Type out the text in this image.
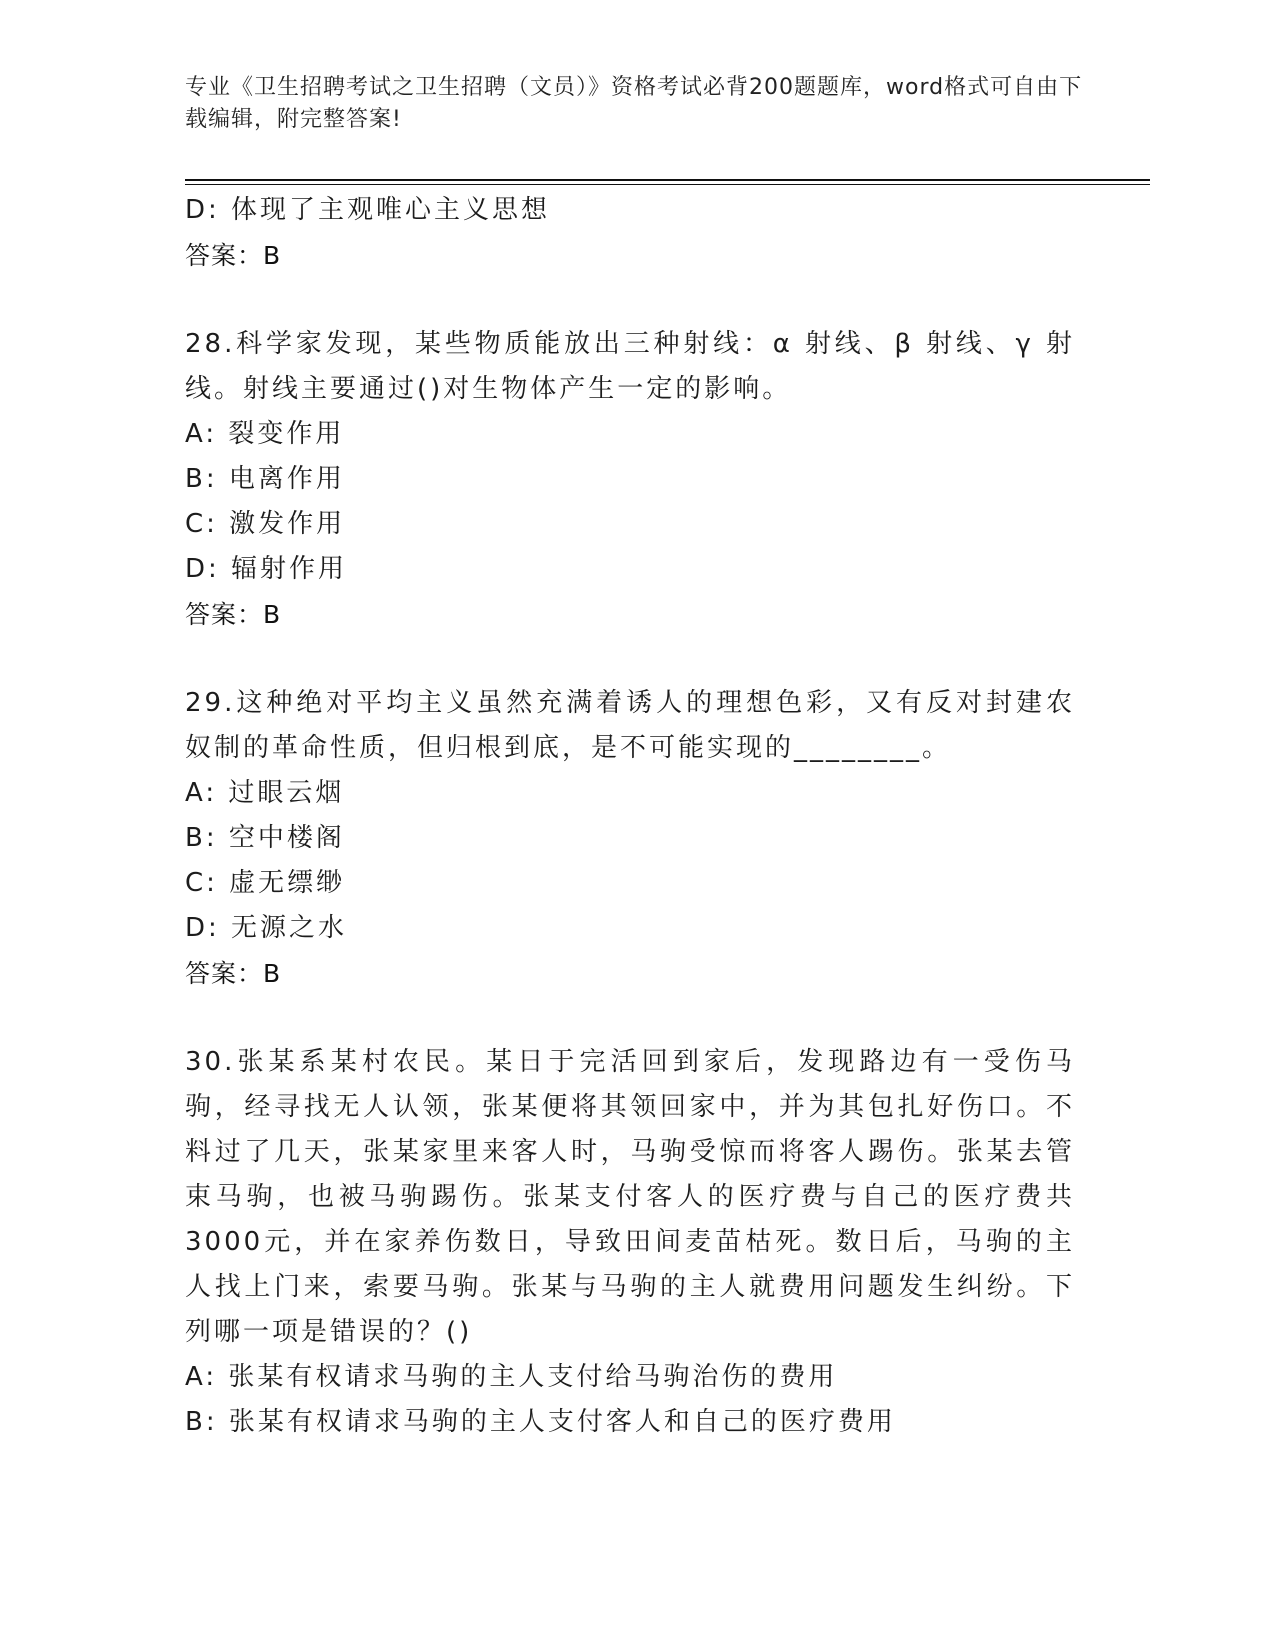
专业《卫生招聘考试之卫生招聘（文员）》资格考试必背200题题库，word格式可自由下载编辑，附完整答案!
D: 体现了主观唯心主义思想
答案：B
28.科学家发现，某些物质能放出三种射线：α 射线、β 射线、γ 射线。射线主要通过()对生物体产生一定的影响。
A: 裂变作用
B: 电离作用
C: 激发作用
D: 辐射作用
答案：B
29.这种绝对平均主义虽然充满着诱人的理想色彩，又有反对封建农奴制的革命性质，但归根到底，是不可能实现的________。
A: 过眼云烟
B: 空中楼阁
C: 虚无缥缈
D: 无源之水
答案：B
30.张某系某村农民。某日于完活回到家后，发现路边有一受伤马驹，经寻找无人认领，张某便将其领回家中，并为其包扎好伤口。不料过了几天，张某家里来客人时，马驹受惊而将客人踢伤。张某去管束马驹，也被马驹踢伤。张某支付客人的医疗费与自己的医疗费共3000元，并在家养伤数日，导致田间麦苗枯死。数日后，马驹的主人找上门来，索要马驹。张某与马驹的主人就费用问题发生纠纷。下列哪一项是错误的？()
A: 张某有权请求马驹的主人支付给马驹治伤的费用
B: 张某有权请求马驹的主人支付客人和自己的医疗费用
